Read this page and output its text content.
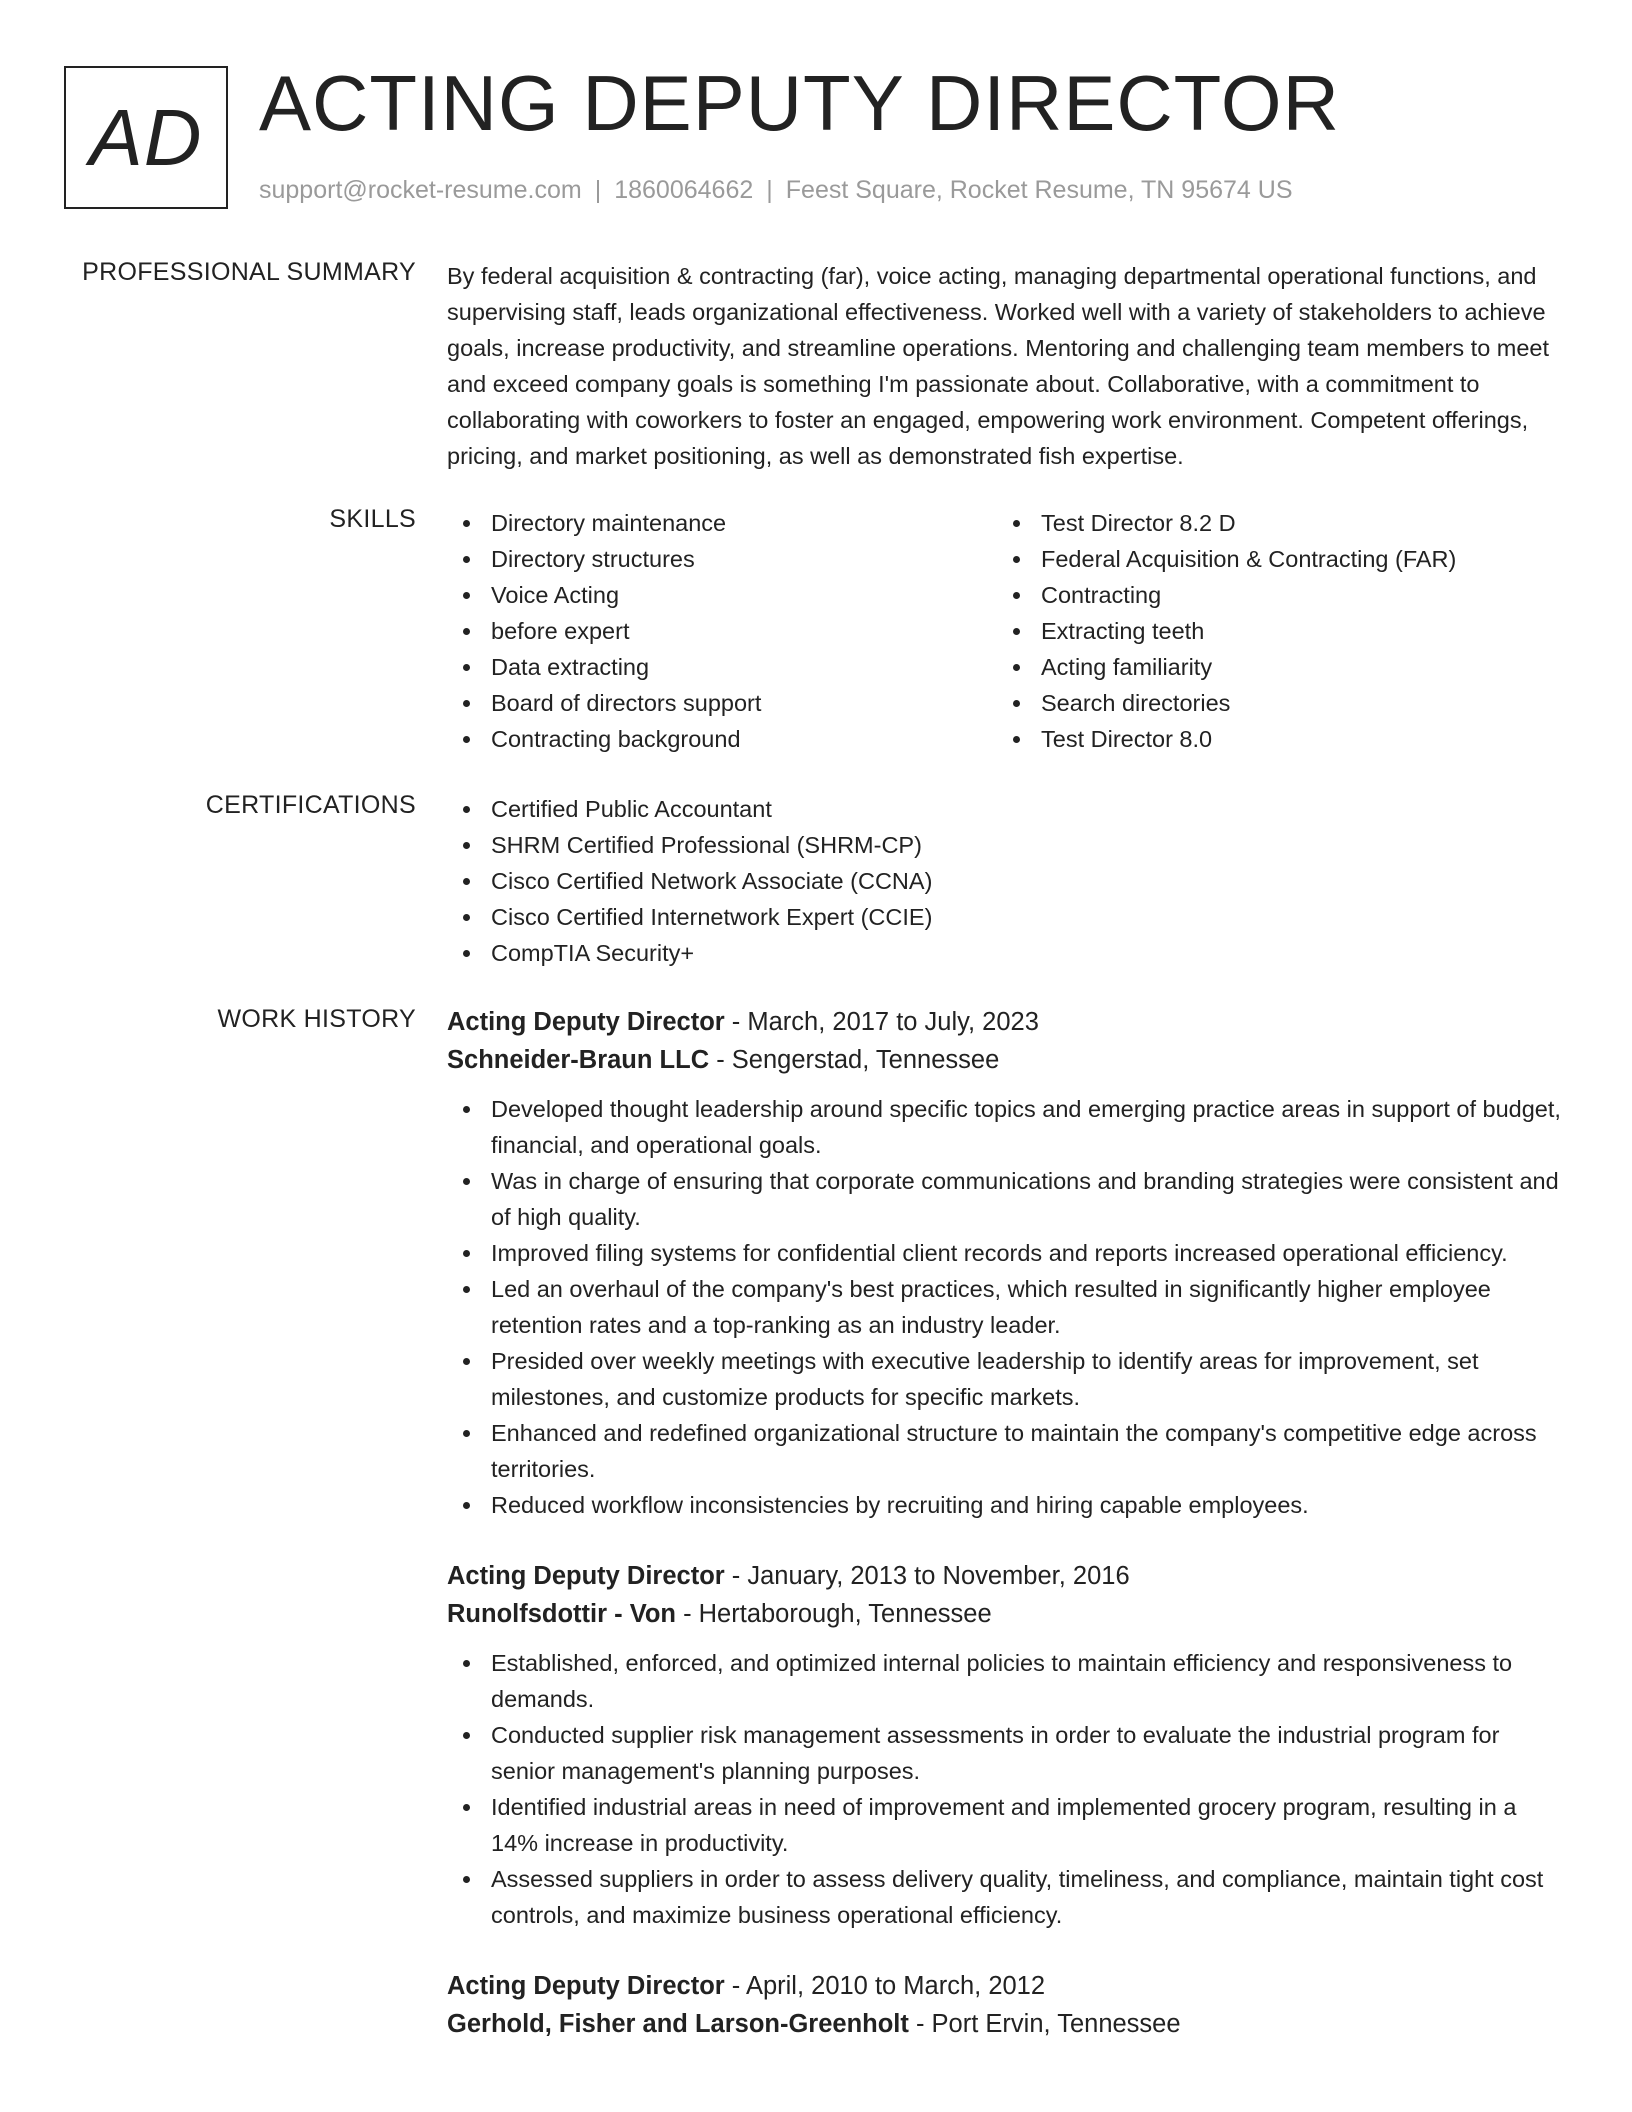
AD ACTING DEPUTY DIRECTOR
support@rocket-resume.com | 1860064662 | Feest Square, Rocket Resume, TN 95674 US
PROFESSIONAL SUMMARY By federal acquisition & contracting (far), voice acting, managing departmental operational functions, and supervising staff, leads organizational effectiveness. Worked well with a variety of stakeholders to achieve goals, increase productivity, and streamline operations. Mentoring and challenging team members to meet and exceed company goals is something I'm passionate about. Collaborative, with a commitment to collaborating with coworkers to foster an engaged, empowering work environment. Competent offerings, pricing, and market positioning, as well as demonstrated fish expertise.

SKILLS	Directory maintenance
Directory structures
Voice Acting
before expert
Data extracting
Board of directors support
Contracting background
Test Director 8.2 D
Federal Acquisition & Contracting (FAR)
Contracting
Extracting teeth
Acting familiarity
Search directories
Test Director 8.0
CERTIFICATIONS	Certified Public Accountant
SHRM Certified Professional (SHRM-CP)
Cisco Certified Network Associate (CCNA)
Cisco Certified Internetwork Expert (CCIE)
CompTIA Security+
WORK HISTORY Acting Deputy Director - March, 2017 to July, 2023
Schneider-Braun LLC - Sengerstad, Tennessee
Developed thought leadership around specific topics and emerging practice areas in support of budget, financial, and operational goals.
Was in charge of ensuring that corporate communications and branding strategies were consistent and of high quality.
Improved filing systems for confidential client records and reports increased operational efficiency.
Led an overhaul of the company's best practices, which resulted in significantly higher employee retention rates and a top-ranking as an industry leader.
Presided over weekly meetings with executive leadership to identify areas for improvement, set milestones, and customize products for specific markets.
Enhanced and redefined organizational structure to maintain the company's competitive edge across territories.
Reduced workflow inconsistencies by recruiting and hiring capable employees.
Acting Deputy Director - January, 2013 to November, 2016
Runolfsdottir - Von - Hertaborough, Tennessee
Established, enforced, and optimized internal policies to maintain efficiency and responsiveness to demands.
Conducted supplier risk management assessments in order to evaluate the industrial program for senior management's planning purposes.
Identified industrial areas in need of improvement and implemented grocery program, resulting in a 14% increase in productivity.
Assessed suppliers in order to assess delivery quality, timeliness, and compliance, maintain tight cost controls, and maximize business operational efficiency.
Acting Deputy Director - April, 2010 to March, 2012
Gerhold, Fisher and Larson-Greenholt - Port Ervin, Tennessee
